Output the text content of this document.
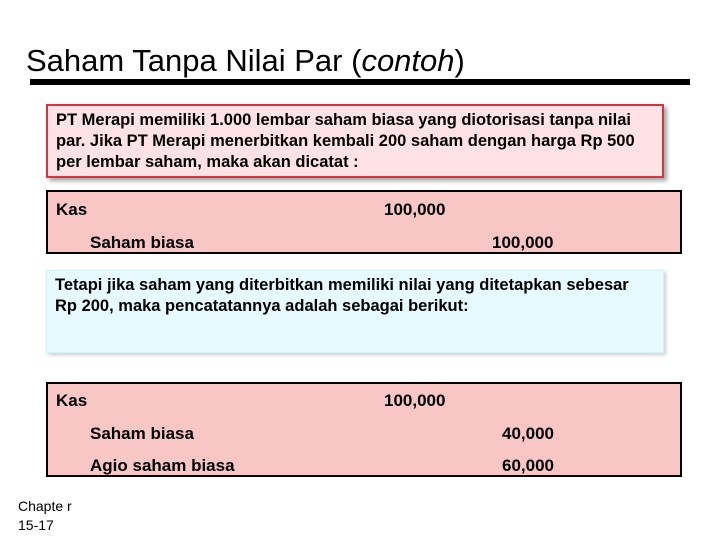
Saham Tanpa Nilai Par (contoh)
PT Merapi memiliki 1.000 lembar saham biasa yang diotorisasi tanpa nilai par. Jika PT Merapi menerbitkan kembali 200 saham dengan harga Rp 500 per lembar saham, maka akan dicatat :
Kas	100,000
Saham biasa	100,000
Tetapi jika saham yang diterbitkan memiliki nilai yang ditetapkan sebesar Rp 200, maka pencatatannya adalah sebagai berikut:
Kas	100,000
Saham biasa	40,000
Agio saham biasa	60,000
Chapte r 15-17
